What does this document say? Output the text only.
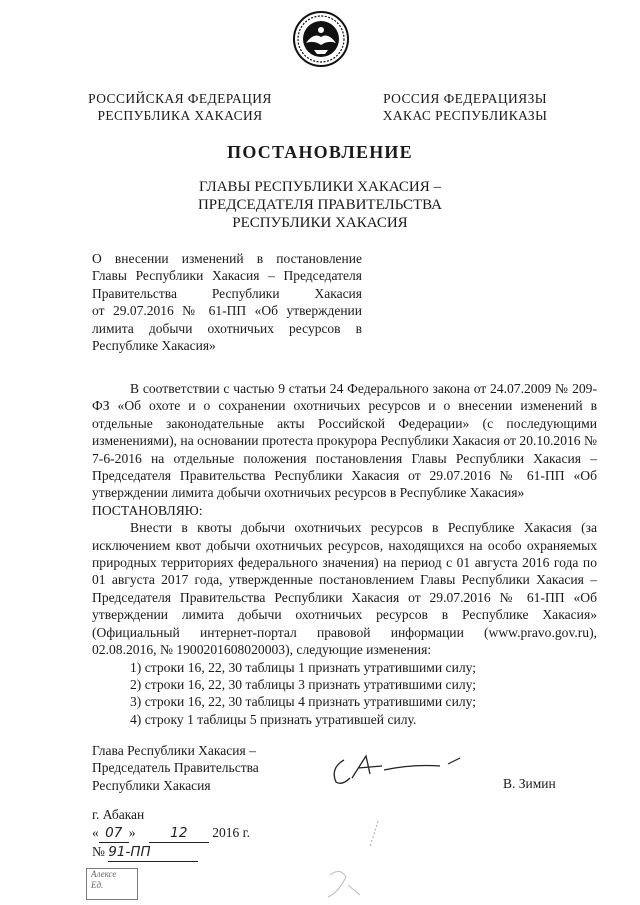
РОССИЙСКАЯ ФЕДЕРАЦИЯ
РЕСПУБЛИКА ХАКАСИЯ
РОССИЯ ФЕДЕРАЦИЯЗЫ
ХАКАС РЕСПУБЛИКАЗЫ
ПОСТАНОВЛЕНИЕ
ГЛАВЫ РЕСПУБЛИКИ ХАКАСИЯ –
ПРЕДСЕДАТЕЛЯ ПРАВИТЕЛЬСТВА
РЕСПУБЛИКИ ХАКАСИЯ
О внесении изменений в постановление
Главы Республики Хакасия – Председателя
Правительства Республики Хакасия
от 29.07.2016 № 61-ПП «Об утверждении
лимита добычи охотничьих ресурсов в
Республике Хакасия»

В соответствии с частью 9 статьи 24 Федерального закона от 24.07.2009 № 209-ФЗ «Об охоте и о сохранении охотничьих ресурсов и о внесении изменений в отдельные законодательные акты Российской Федерации» (с последующими изменениями), на основании протеста прокурора Республики Хакасия от 20.10.2016 № 7-6-2016 на отдельные положения постановления Главы Республики Хакасия – Председателя Правительства Республики Хакасия от 29.07.2016 № 61-ПП «Об утверждении лимита добычи охотничьих ресурсов в Республике Хакасия»

ПОСТАНОВЛЯЮ:

Внести в квоты добычи охотничьих ресурсов в Республике Хакасия (за исключением квот добычи охотничьих ресурсов, находящихся на особо охраняемых природных территориях федерального значения) на период с 01 августа 2016 года по 01 августа 2017 года, утвержденные постановлением Главы Республики Хакасия – Председателя Правительства Республики Хакасия от 29.07.2016 № 61-ПП «Об утверждении лимита добычи охотничьих ресурсов в Республике Хакасия» (Официальный интернет-портал правовой информации (www.pravo.gov.ru), 02.08.2016, № 1900201608020003), следующие изменения:

1) строки 16, 22, 30 таблицы 1 признать утратившими силу;

2) строки 16, 22, 30 таблицы 3 признать утратившими силу;

3) строки 16, 22, 30 таблицы 4 признать утратившими силу;

4) строку 1 таблицы 5 признать утратившей силу.

Глава Республики Хакасия –
Председатель Правительства
Республики Хакасия	В. Зимин
г. Абакан
« 07 »	12 2016 г.
№ 91-ПП
Алексе
Ед.
